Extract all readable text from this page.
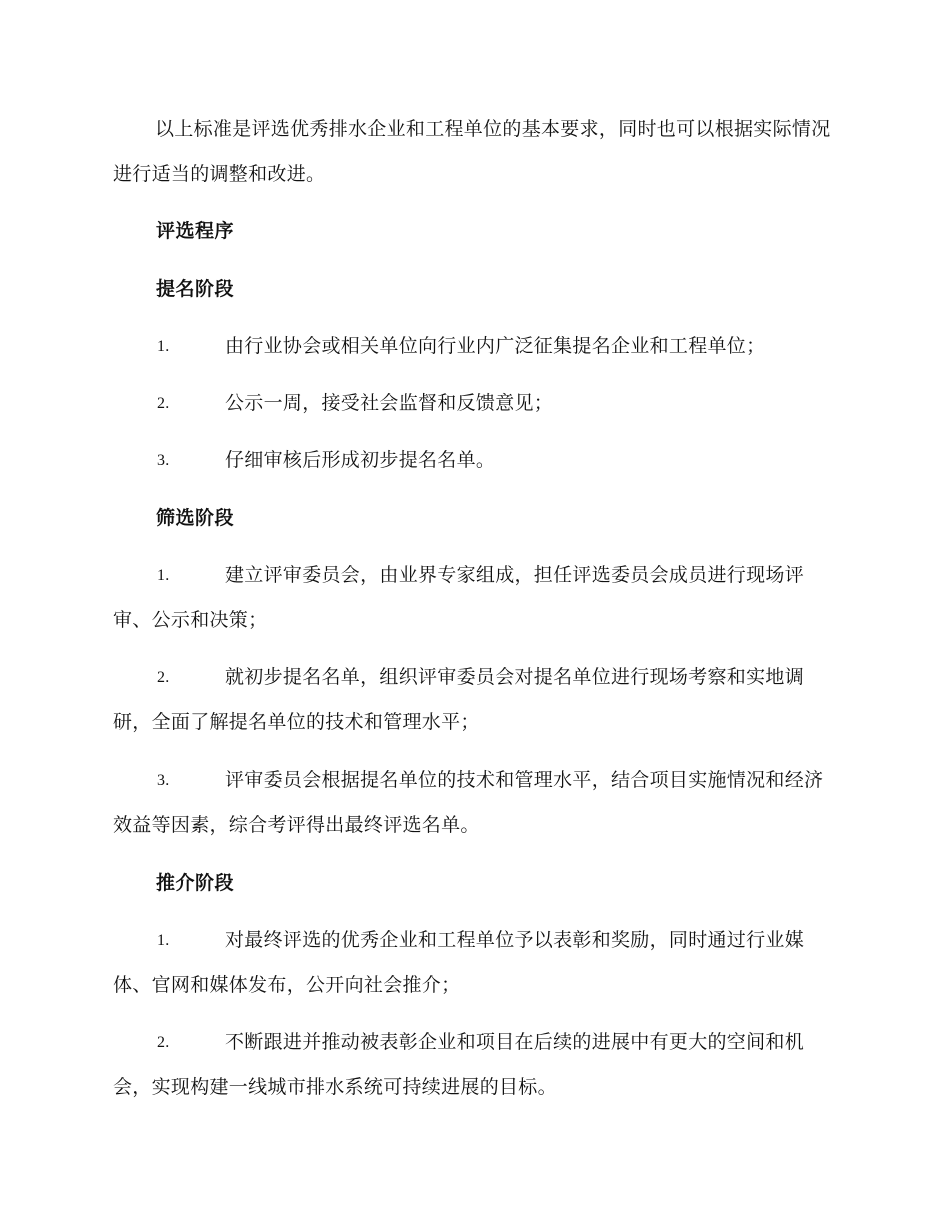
以上标准是评选优秀排水企业和工程单位的基本要求，同时也可以根据实际情况进行适当的调整和改进。

评选程序
提名阶段

1.	由行业协会或相关单位向行业内广泛征集提名企业和工程单位；

2.	公示一周，接受社会监督和反馈意见；

3.	仔细审核后形成初步提名名单。

筛选阶段

1.	建立评审委员会，由业界专家组成，担任评选委员会成员进行现场评审、公示和决策；

2.	就初步提名名单，组织评审委员会对提名单位进行现场考察和实地调研，全面了解提名单位的技术和管理水平；

3.	评审委员会根据提名单位的技术和管理水平，结合项目实施情况和经济效益等因素，综合考评得出最终评选名单。

推介阶段

1.	对最终评选的优秀企业和工程单位予以表彰和奖励，同时通过行业媒体、官网和媒体发布，公开向社会推介；

2.	不断跟进并推动被表彰企业和项目在后续的进展中有更大的空间和机会，实现构建一线城市排水系统可持续进展的目标。
